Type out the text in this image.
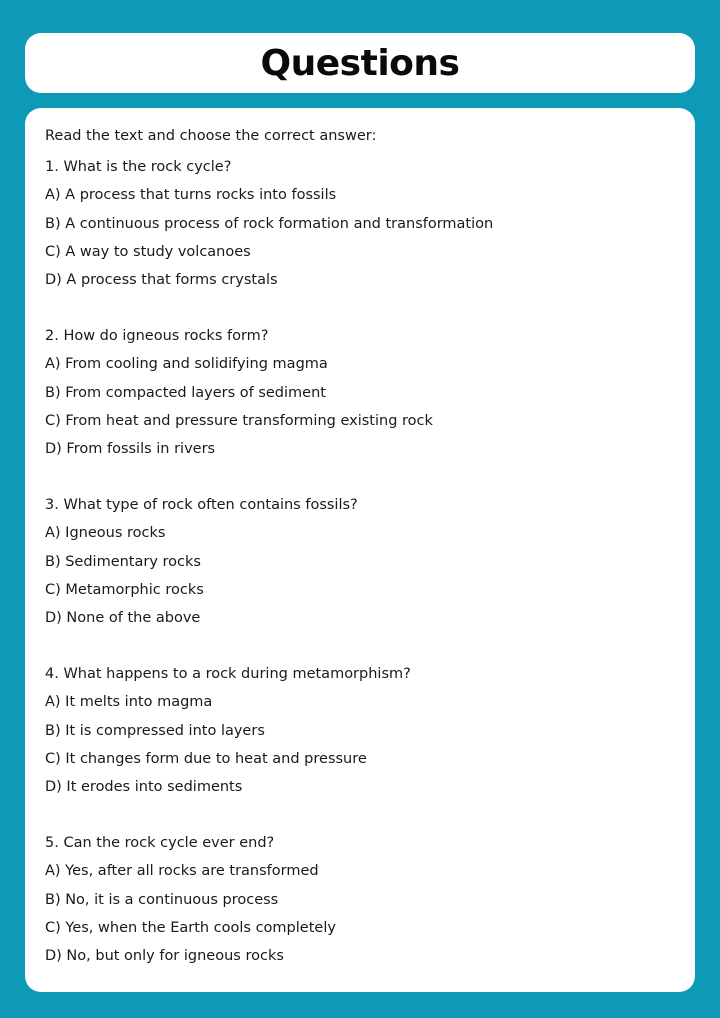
Questions
Read the text and choose the correct answer:
1. What is the rock cycle?
A) A process that turns rocks into fossils
B) A continuous process of rock formation and transformation
C) A way to study volcanoes
D) A process that forms crystals
2. How do igneous rocks form?
A) From cooling and solidifying magma
B) From compacted layers of sediment
C) From heat and pressure transforming existing rock
D) From fossils in rivers
3. What type of rock often contains fossils?
A) Igneous rocks
B) Sedimentary rocks
C) Metamorphic rocks
D) None of the above
4. What happens to a rock during metamorphism?
A) It melts into magma
B) It is compressed into layers
C) It changes form due to heat and pressure
D) It erodes into sediments
5. Can the rock cycle ever end?
A) Yes, after all rocks are transformed
B) No, it is a continuous process
C) Yes, when the Earth cools completely
D) No, but only for igneous rocks
